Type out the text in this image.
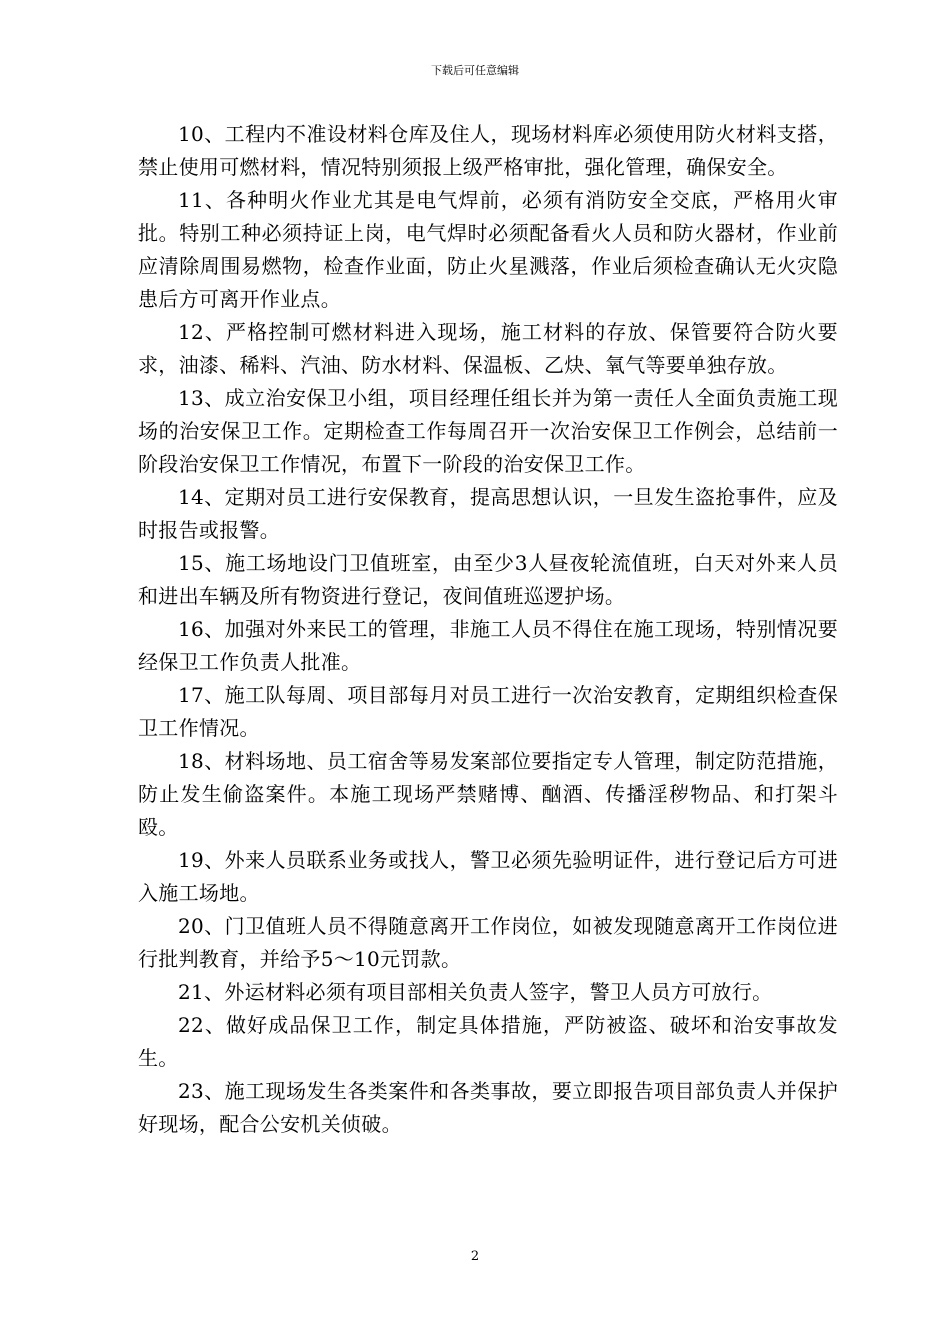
下载后可任意编辑

10、工程内不准设材料仓库及住人，现场材料库必须使用防火材料支搭，禁止使用可燃材料，情况特别须报上级严格审批，强化管理，确保安全。

11、各种明火作业尤其是电气焊前，必须有消防安全交底，严格用火审批。特别工种必须持证上岗，电气焊时必须配备看火人员和防火器材，作业前应清除周围易燃物，检查作业面，防止火星溅落，作业后须检查确认无火灾隐患后方可离开作业点。

12、严格控制可燃材料进入现场，施工材料的存放、保管要符合防火要求，油漆、稀料、汽油、防水材料、保温板、乙炔、氧气等要单独存放。

13、成立治安保卫小组，项目经理任组长并为第一责任人全面负责施工现场的治安保卫工作。定期检查工作每周召开一次治安保卫工作例会，总结前一阶段治安保卫工作情况，布置下一阶段的治安保卫工作。

14、定期对员工进行安保教育，提高思想认识，一旦发生盗抢事件，应及时报告或报警。

15、施工场地设门卫值班室，由至少3人昼夜轮流值班，白天对外来人员和进出车辆及所有物资进行登记，夜间值班巡逻护场。

16、加强对外来民工的管理，非施工人员不得住在施工现场，特别情况要经保卫工作负责人批准。

17、施工队每周、项目部每月对员工进行一次治安教育，定期组织检查保卫工作情况。

18、材料场地、员工宿舍等易发案部位要指定专人管理，制定防范措施，防止发生偷盗案件。本施工现场严禁赌博、酗酒、传播淫秽物品、和打架斗殴。

19、外来人员联系业务或找人，警卫必须先验明证件，进行登记后方可进入施工场地。

20、门卫值班人员不得随意离开工作岗位，如被发现随意离开工作岗位进行批判教育，并给予5～10元罚款。

21、外运材料必须有项目部相关负责人签字，警卫人员方可放行。

22、做好成品保卫工作，制定具体措施，严防被盗、破坏和治安事故发生。

23、施工现场发生各类案件和各类事故，要立即报告项目部负责人并保护好现场，配合公安机关侦破。

2
